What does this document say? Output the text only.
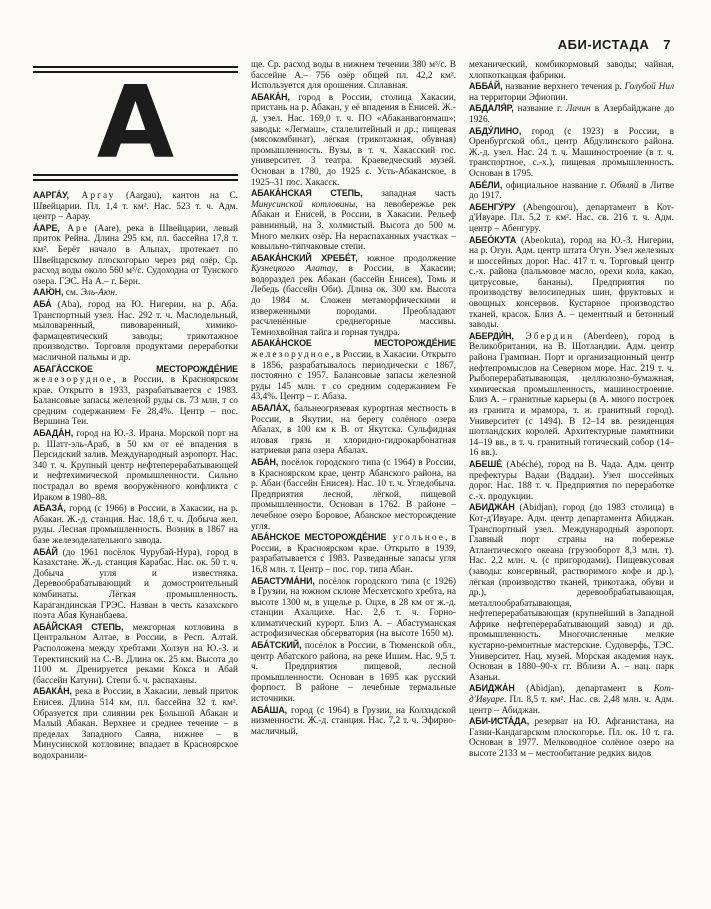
АБИ-ИСТАДА 7
А

ААРГА́У, Аргау (Aargau), кантон на С. Швейцарии. Пл. 1,4 т. км². Нас. 523 т. ч. Адм. центр – Аарау.

А́АРЕ, Аре (Aare), река в Швейцарии, левый приток Рейна. Длина 295 км, пл. бассейна 17,8 т. км². Берёт начало в Альпах, протекает по Швейцарскому плоскогорью через ряд озёр. Ср. расход воды около 560 м³/с. Судоходна от Тунского озера. ГЭС. На А.– г. Берн.

ААЮ́Н, см. Эль-Аюн.

АБА́ (Aba), город на Ю. Нигерии, на р. Аба. Транспортный узел. Нас. 292 т. ч. Маслодельный, мыловаренный, пивоваренный, химико-фармацевтический заводы; трикотажное производство. Торговля продуктами переработки масличной пальмы и др.

АБАГА́ССКОЕ МЕСТОРОЖДЕ́НИЕ железорудное, в России, в Красноярском крае. Открыто в 1933, разрабатывается с 1983. Балансовые запасы железной руды св. 73 млн. т со средним содержанием Fe 28,4%. Центр – пос. Вершина Теи.

АБАДА́Н, город на Ю.-З. Ирана. Морской порт на р. Шатт-эль-Араб, в 50 км от её впадения в Персидский залив. Международный аэропорт. Нас. 340 т. ч. Крупный центр нефтеперерабатывающей и нефтехимической промышленности. Сильно пострадал во время вооружённого конфликта с Ираком в 1980–88.

АБАЗА́, город (с 1966) в России, в Хакасии, на р. Абакан. Ж.-д. станция. Нас. 18,6 т. ч. Добыча жел. руды. Лесная промышленность. Возник в 1867 на базе железоделательного завода.

АБА́Й (до 1961 посёлок Чурубай-Нура), город в Казахстане. Ж.-д. станция Карабас. Нас. ок. 50 т. ч. Добыча угля и известняка. Деревообрабатывающий и домостроительный комбинаты. Лёгкая промышленность. Карагандинская ГРЭС. Назван в честь казахского поэта Абая Кунанбаева.

АБА́ЙСКАЯ СТЕПЬ, межгорная котловина в Центральном Алтае, в России, в Респ. Алтай. Расположена между хребтами Холзун на Ю.-З. и Теректинский на С.-В. Длина ок. 25 км. Высота до 1100 м. Дренируется реками Кокса и Абай (бассейн Катуни). Степи б. ч. распаханы.

АБАКА́Н, река в России, в Хакасии, левый приток Енисея. Длина 514 км, пл. бассейна 32 т. км². Образуется при слиянии рек Большой Абакан и Малый Абакан. Верхнее и среднее течение – в пределах Западного Саяна, нижнее – в Минусинской котловине; впадает в Красноярское водохранили-

ще. Ср. расход воды в нижнем течении 380 м³/с. В бассейне А.– 756 озёр общей пл. 42,2 км². Используется для орошения. Сплавная.

АБАКА́Н, город в России, столица Хакасии, пристань на р. Абакан, у её впадения в Енисей. Ж.-д. узел. Нас. 169,0 т. ч. ПО «Абаканвагонмаш»; заводы: «Легмаш», сталелитейный и др.; пищевая (мясокомбинат), лёгкая (трикотажная, обувная) промышленность. Вузы, в т. ч. Хакасский гос. университет. 3 театра. Краеведческий музей. Основан в 1780, до 1925 с. Усть-Абаканское, в 1925–31 пос. Хакасск.

АБАКА́НСКАЯ СТЕПЬ, западная часть Минусинской котловины, на левобережье рек Абакан и Енисей, в России, в Хакасии. Рельеф равнинный, на З. холмистый. Высота до 500 м. Много мелких озёр. На нераспаханных участках – ковыльно-типчаковые степи.

АБАКА́НСКИЙ ХРЕБЕ́Т, южное продолжение Кузнецкого Алатау, в России, в Хакасии; водораздел рек Абакан (бассейн Енисея), Томь и Лебедь (бассейн Оби). Длина ок. 300 км. Высота до 1984 м. Сложен метаморфическими и изверженными породами. Преобладают расчленённые среднегорные массивы. Темнохвойная тайга и горная тундра.

АБАКА́НСКОЕ МЕСТОРОЖДЕ́НИЕ железорудное, в России, в Хакасии. Открыто в 1856, разрабатывалось периодически с 1867, постоянно с 1957. Балансовые запасы железной руды 145 млн. т со средним содержанием Fe 43,4%. Центр – г. Абаза.

АБАЛА́Х, бальнеогрязевая курортная местность в России, в Якутии, на берегу солёного озера Абалах, в 100 км к В. от Якутска. Сульфидная иловая грязь и хлоридно-гидрокарбонатная натриевая рапа озера Абалах.

АБА́Н, посёлок городского типа (с 1964) в России, в Красноярском крае, центр Абанского района, на р. Абан (бассейн Енисея). Нас. 10 т. ч. Угледобыча. Предприятия лесной, лёгкой, пищевой промышленности. Основан в 1762. В районе – лечебное озеро Боровое, Абанское месторождение угля.

АБА́НСКОЕ МЕСТОРОЖДЕ́НИЕ угольное, в России, в Красноярском крае. Открыто в 1939, разрабатывается с 1983. Разведанные запасы угля 16,8 млн. т. Центр – пос. гор. типа Абан.

АБАСТУМА́НИ, посёлок городского типа (с 1926) в Грузии, на южном склоне Месхетского хребта, на высоте 1300 м, в ущелье р. Оцхе, в 28 км от ж.-д. станции Ахалцихе. Нас. 2,6 т. ч. Горно-климатический курорт. Близ А. – Абастуманская астрофизическая обсерватория (на высоте 1650 м).

АБА́ТСКИЙ, посёлок в России, в Тюменской обл., центр Абатского района, на реке Ишим. Нас. 9,5 т. ч. Предприятия пищевой, лесной промышленности. Основан в 1695 как русский форпост. В районе – лечебные термальные источники.

АБА́ША, город (с 1964) в Грузии, на Колхидской низменности. Ж.-д. станция. Нас. 7,2 т. ч. Эфирно-масличный,

механический, комбикормовый заводы; чайная, хлопкоткацкая фабрики.

АББА́Й, название верхнего течения р. Голубой Нил на территории Эфиопии.

АБДАЛЯ́Р, название г. Лачин в Азербайджане до 1926.

АБДУ́ЛИНО, город (с 1923) в России, в Оренбургской обл., центр Абдулинского района. Ж.-д. узел. Нас. 24 т. ч. Машиностроение (в т. ч. транспортное, с.-х.), пищевая промышленность. Основан в 1795.

АБЕ́ЛИ, официальное название г. Обяляй в Литве до 1917.

АБЕНГУ́РУ (Abengourou), департамент в Кот-д'Ивуаре. Пл. 5,2 т. км². Нас. св. 216 т. ч. Адм. центр – Абенгуру.

АБЕО́КУТА (Abeokuta), город на Ю.-З. Нигерии, на р. Огун. Адм. центр штата Огун. Узел железных и шоссейных дорог. Нас. 417 т. ч. Торговый центр с.-х. района (пальмовое масло, орехи кола, какао, цитрусовые, бананы). Предприятия по производству велосипедных шин, фруктовых и овощных консервов. Кустарное производство тканей, красок. Близ А. – цементный и бетонный заводы.

АБЕРДИ́Н, Эбердин (Aberdeen), город в Великобритании, на В. Шотландии. Адм. центр района Грампиан. Порт и организационный центр нефтепромыслов на Северном море. Нас. 219 т. ч. Рыбоперерабатывающая, целлюлозно-бумажная, химическая промышленность, машиностроение. Близ А. – гранитные карьеры (в А. много построек из гранита и мрамора, т. н. гранитный город). Университет (с 1494). В 12–14 вв. резиденция шотландских королей. Архитектурные памятники 14–19 вв., в т. ч. гранитный готический собор (14–16 вв.).

АБЕШЕ́ (Abéché), город на В. Чада. Адм. центр префектуры Вадаи (Ваддаи). Узел шоссейных дорог. Нас. 188 т. ч. Предприятия по переработке с.-х. продукции.

АБИДЖА́Н (Abidjan), город (до 1983 столица) в Кот-д'Ивуаре. Адм. центр департамента Абиджан. Транспортный узел. Международный аэропорт. Главный порт страны на побережье Атлантического океана (грузооборот 8,3 млн. т). Нас. 2,2 млн. ч. (с пригородами). Пищевкусовая (заводы: консервный, растворимого кофе и др.), лёгкая (производство тканей, трикотажа, обуви и др.), деревообрабатывающая, металлообрабатывающая, нефтеперерабатывающая (крупнейший в Западной Африке нефтеперерабатывающий завод) и др. промышленность. Многочисленные мелкие кустарно-ремонтные мастерские. Судоверфь, ТЭС. Университет. Нац. музей. Морская академия наук. Основан в 1880–90-х гг. Вблизи А. – нац. парк Азаньи.

АБИДЖА́Н (Abidjan), департамент в Кот-д'Ивуаре. Пл. 8,5 т. км². Нас. св. 2,48 млн. ч. Адм. центр – Абиджан.

АБИ-ИСТА́ДА, резерват на Ю. Афганистана, на Газни-Кандагарском плоскогорье. Пл. ок. 10 т. га. Основан в 1977. Мелководное солёное озеро на высоте 2133 м – местообитание редких видов
